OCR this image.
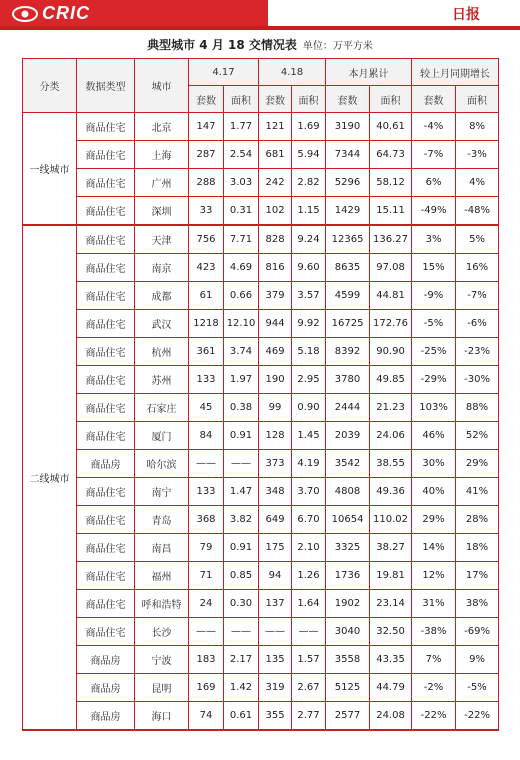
CRIC	日报
典型城市 4 月 18 交情况表 单位：万平方米
分类	数据类型	城市	4.17		4.18		本月累计		较上月同期增长	
			套数	面积	套数	面积	套数	面积	套数	面积
一线城市	商品住宅	北京	147	1.77	121	1.69	3190	40.61	-4%	8%
	商品住宅	上海	287	2.54	681	5.94	7344	64.73	-7%	-3%
	商品住宅	广州	288	3.03	242	2.82	5296	58.12	6%	4%
	商品住宅	深圳	33	0.31	102	1.15	1429	15.11	-49%	-48%
二线城市	商品住宅	天津	756	7.71	828	9.24	12365	136.27	3%	5%
	商品住宅	南京	423	4.69	816	9.60	8635	97.08	15%	16%
	商品住宅	成都	61	0.66	379	3.57	4599	44.81	-9%	-7%
	商品住宅	武汉	1218	12.10	944	9.92	16725	172.76	-5%	-6%
	商品住宅	杭州	361	3.74	469	5.18	8392	90.90	-25%	-23%
	商品住宅	苏州	133	1.97	190	2.95	3780	49.85	-29%	-30%
	商品住宅	石家庄	45	0.38	99	0.90	2444	21.23	103%	88%
	商品住宅	厦门	84	0.91	128	1.45	2039	24.06	46%	52%
	商品房	哈尔滨	——	——	373	4.19	3542	38.55	30%	29%
	商品住宅	南宁	133	1.47	348	3.70	4808	49.36	40%	41%
	商品住宅	青岛	368	3.82	649	6.70	10654	110.02	29%	28%
	商品住宅	南昌	79	0.91	175	2.10	3325	38.27	14%	18%
	商品住宅	福州	71	0.85	94	1.26	1736	19.81	12%	17%
	商品住宅	呼和浩特	24	0.30	137	1.64	1902	23.14	31%	38%
	商品住宅	长沙	——	——	——	——	3040	32.50	-38%	-69%
	商品房	宁波	183	2.17	135	1.57	3558	43.35	7%	9%
	商品房	昆明	169	1.42	319	2.67	5125	44.79	-2%	-5%
	商品房	海口	74	0.61	355	2.77	2577	24.08	-22%	-22%
